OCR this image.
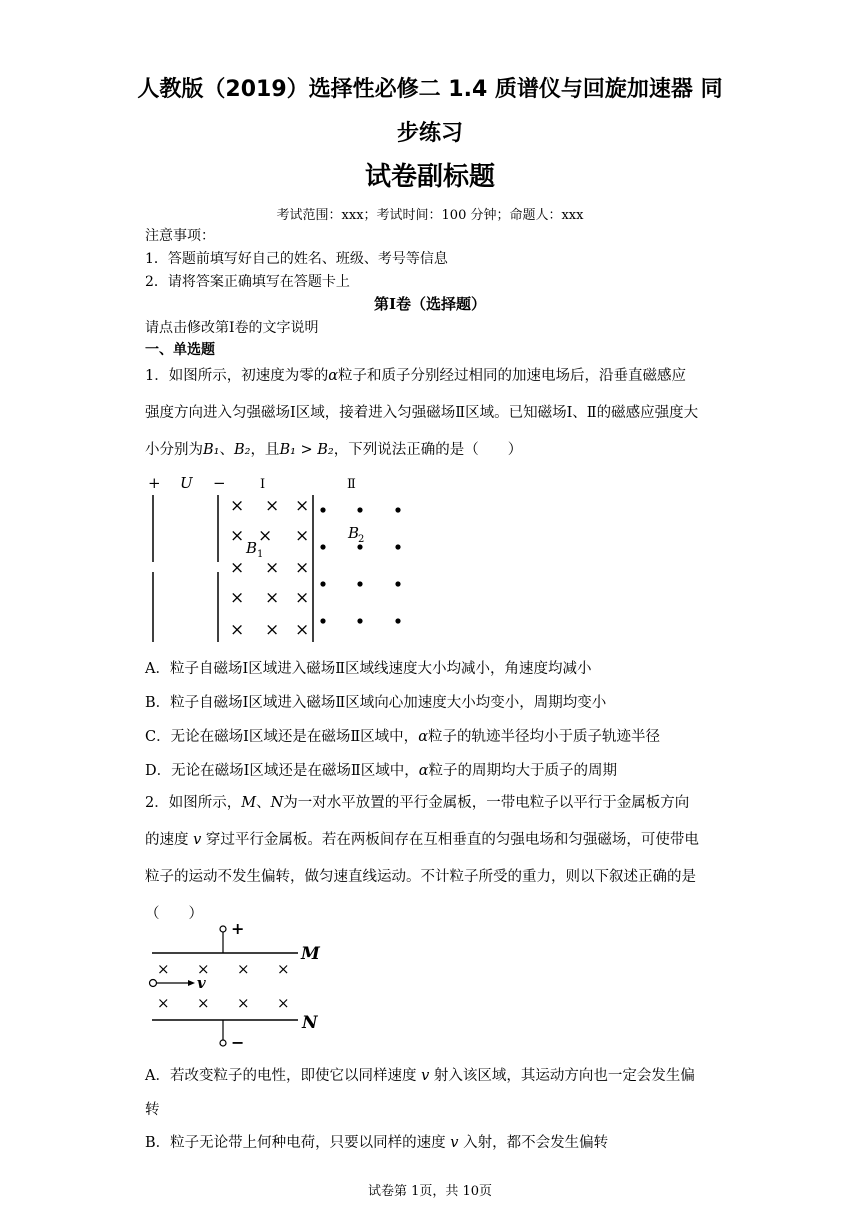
人教版（2019）选择性必修二 1.4 质谱仪与回旋加速器 同
步练习
试卷副标题
考试范围：xxx；考试时间：100 分钟；命题人：xxx
注意事项：
1．答题前填写好自己的姓名、班级、考号等信息
2．请将答案正确填写在答题卡上
第Ⅰ卷（选择题）
请点击修改第Ⅰ卷的文字说明
一、单选题
1．如图所示，初速度为零的α粒子和质子分别经过相同的加速电场后，沿垂直磁感应
强度方向进入匀强磁场Ⅰ区域，接着进入匀强磁场Ⅱ区域。已知磁场Ⅰ、Ⅱ的磁感应强度大
小分别为B₁、B₂，且B₁ > B₂，下列说法正确的是（　　）
+ U −	Ⅰ	Ⅱ
×
×
×
×
×
×
×
×
×
×
×
×
×
×
×
B 1
B
2
A．粒子自磁场Ⅰ区域进入磁场Ⅱ区域线速度大小均减小，角速度均减小
B．粒子自磁场Ⅰ区域进入磁场Ⅱ区域向心加速度大小均变小，周期均变小
C．无论在磁场Ⅰ区域还是在磁场Ⅱ区域中，α粒子的轨迹半径均小于质子轨迹半径
D．无论在磁场Ⅰ区域还是在磁场Ⅱ区域中，α粒子的周期均大于质子的周期
2．如图所示，M、N为一对水平放置的平行金属板，一带电粒子以平行于金属板方向
的速度 v 穿过平行金属板。若在两板间存在互相垂直的匀强电场和匀强磁场，可使带电
粒子的运动不发生偏转，做匀速直线运动。不计粒子所受的重力，则以下叙述正确的是
（　　）
+
M
× × × ×
× × × ×
v
N
−
A．若改变粒子的电性，即使它以同样速度 v 射入该区域，其运动方向也一定会发生偏
转
B．粒子无论带上何种电荷，只要以同样的速度 v 入射，都不会发生偏转
试卷第 1页，共 10页
